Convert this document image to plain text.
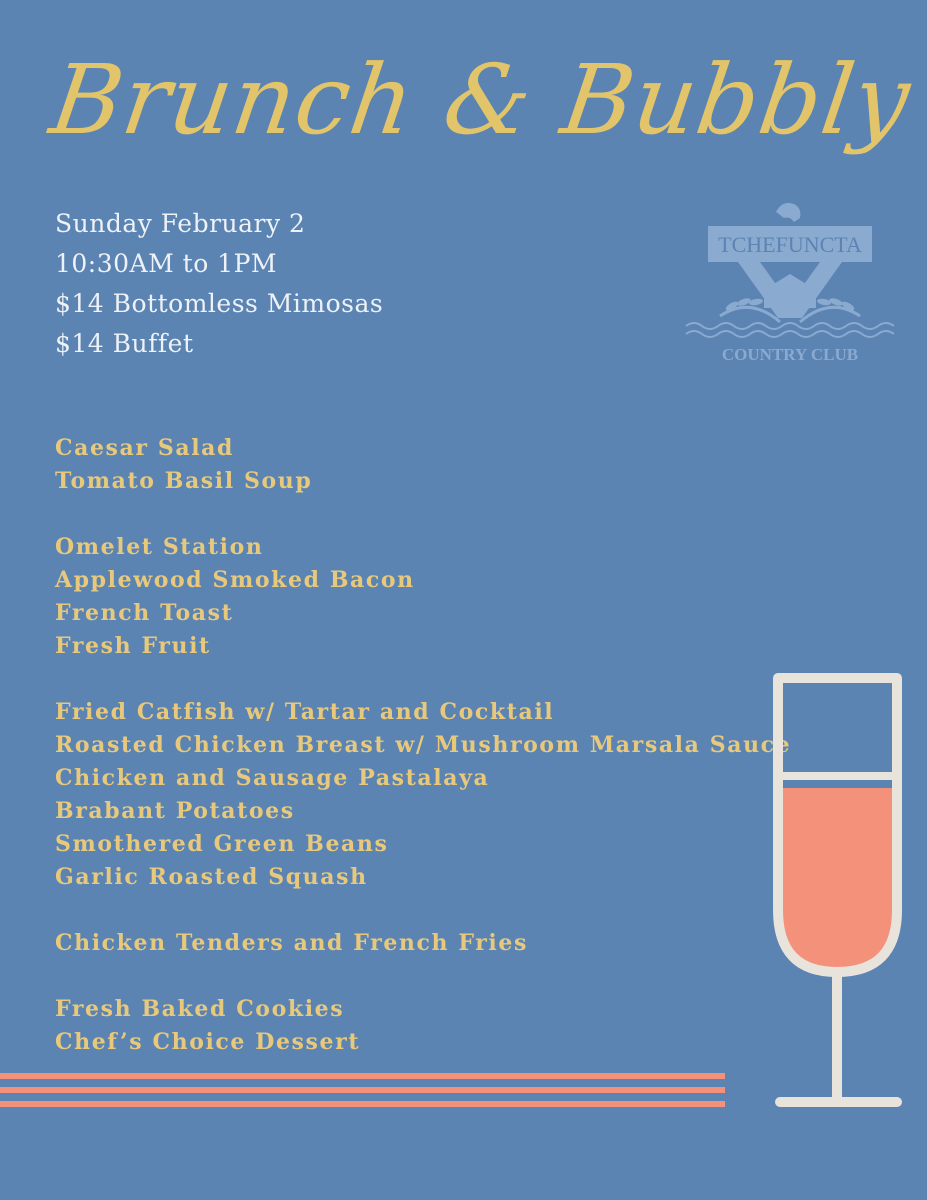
Brunch & Bubbly
Sunday February 2
10:30AM to 1PM
$14 Bottomless Mimosas
$14 Buffet
TCHEFUNCTA
COUNTRY CLUB
Caesar Salad
Tomato Basil Soup
Omelet Station
Applewood Smoked Bacon
French Toast
Fresh Fruit
Fried Catfish w/ Tartar and Cocktail
Roasted Chicken Breast w/ Mushroom Marsala Sauce
Chicken and Sausage Pastalaya
Brabant Potatoes
Smothered Green Beans
Garlic Roasted Squash
Chicken Tenders and French Fries
Fresh Baked Cookies
Chef’s Choice Dessert
